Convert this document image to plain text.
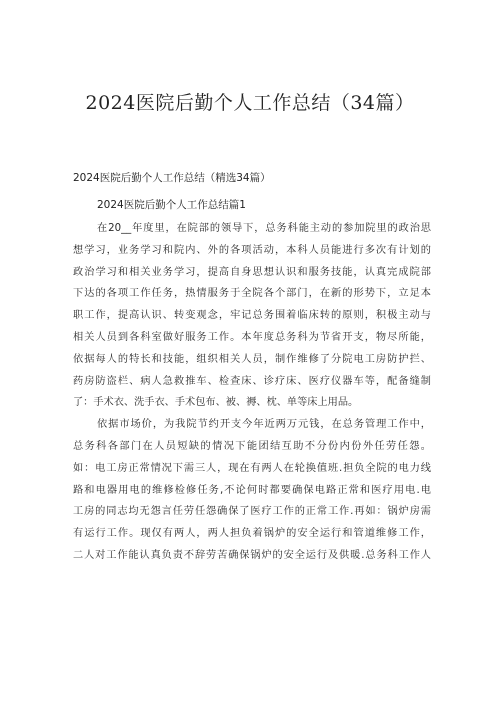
2024医院后勤个人工作总结（34篇）
2024医院后勤个人工作总结（精选34篇）
2024医院后勤个人工作总结篇1
在20__年度里，在院部的领导下，总务科能主动的参加院里的政治思
想学习，业务学习和院内、外的各项活动，本科人员能进行多次有计划的
政治学习和相关业务学习，提高自身思想认识和服务技能，认真完成院部
下达的各项工作任务，热情服务于全院各个部门，在新的形势下，立足本
职工作，提高认识、转变观念，牢记总务围着临床转的原则，积极主动与
相关人员到各科室做好服务工作。本年度总务科为节省开支，物尽所能，
依据每人的特长和技能，组织相关人员，制作维修了分院电工房防护拦、
药房防盗栏、病人急救推车、检查床、诊疗床、医疗仪器车等，配备缝制
了：手术衣、洗手衣、手术包布、被、褥、枕、单等床上用品。
依据市场价，为我院节约开支今年近两万元钱，在总务管理工作中，
总务科各部门在人员短缺的情况下能团结互助不分份内份外任劳任怨。
如：电工房正常情况下需三人，现在有两人在轮换值班.担负全院的电力线
路和电器用电的维修检修任务,不论何时都要确保电路正常和医疗用电.电
工房的同志均无怨言任劳任怨确保了医疗工作的正常工作.再如：锅炉房需
有运行工作。现仅有两人，两人担负着锅炉的安全运行和管道维修工作，
二人对工作能认真负责不辞劳苦确保锅炉的安全运行及供暖.总务科工作人
